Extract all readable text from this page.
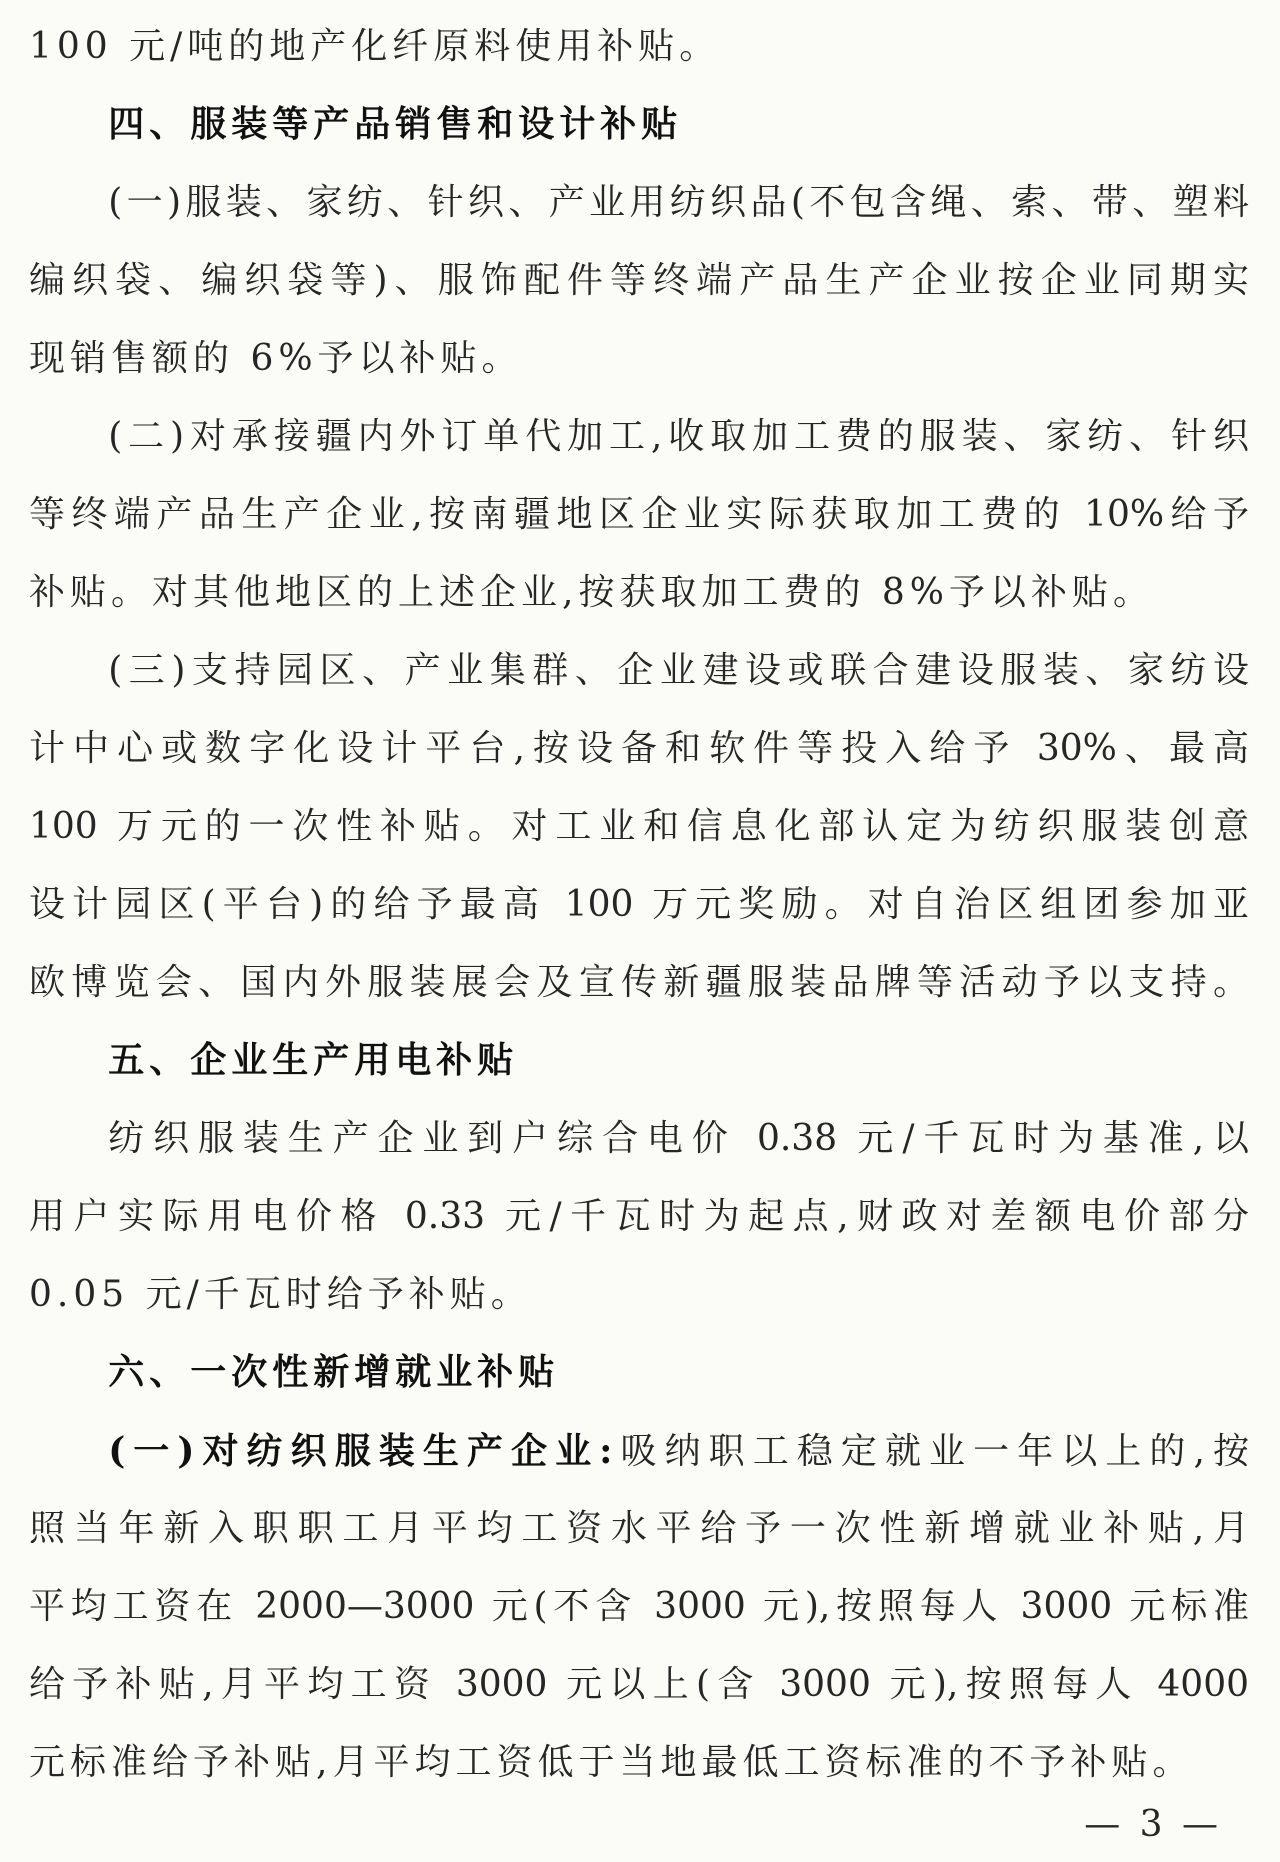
100 元/吨的地产化纤原料使用补贴。
四、服装等产品销售和设计补贴
(一)服装、家纺、针织、产业用纺织品(不包含绳、索、带、塑料
编织袋、编织袋等)、服饰配件等终端产品生产企业按企业同期实
现销售额的 6%予以补贴。
(二)对承接疆内外订单代加工,收取加工费的服装、家纺、针织
等终端产品生产企业,按南疆地区企业实际获取加工费的 10%给予
补贴。对其他地区的上述企业,按获取加工费的 8%予以补贴。
(三)支持园区、产业集群、企业建设或联合建设服装、家纺设
计中心或数字化设计平台,按设备和软件等投入给予 30%、最高
100 万元的一次性补贴。对工业和信息化部认定为纺织服装创意
设计园区(平台)的给予最高 100 万元奖励。对自治区组团参加亚
欧博览会、国内外服装展会及宣传新疆服装品牌等活动予以支持。
五、企业生产用电补贴
纺织服装生产企业到户综合电价 0.38 元/千瓦时为基准,以
用户实际用电价格 0.33 元/千瓦时为起点,财政对差额电价部分
0.05 元/千瓦时给予补贴。
六、一次性新增就业补贴
(一)对纺织服装生产企业:吸纳职工稳定就业一年以上的,按
照当年新入职职工月平均工资水平给予一次性新增就业补贴,月
平均工资在 2000—3000 元(不含 3000 元),按照每人 3000 元标准
给予补贴,月平均工资 3000 元以上(含 3000 元),按照每人 4000
元标准给予补贴,月平均工资低于当地最低工资标准的不予补贴。
— 3 —
